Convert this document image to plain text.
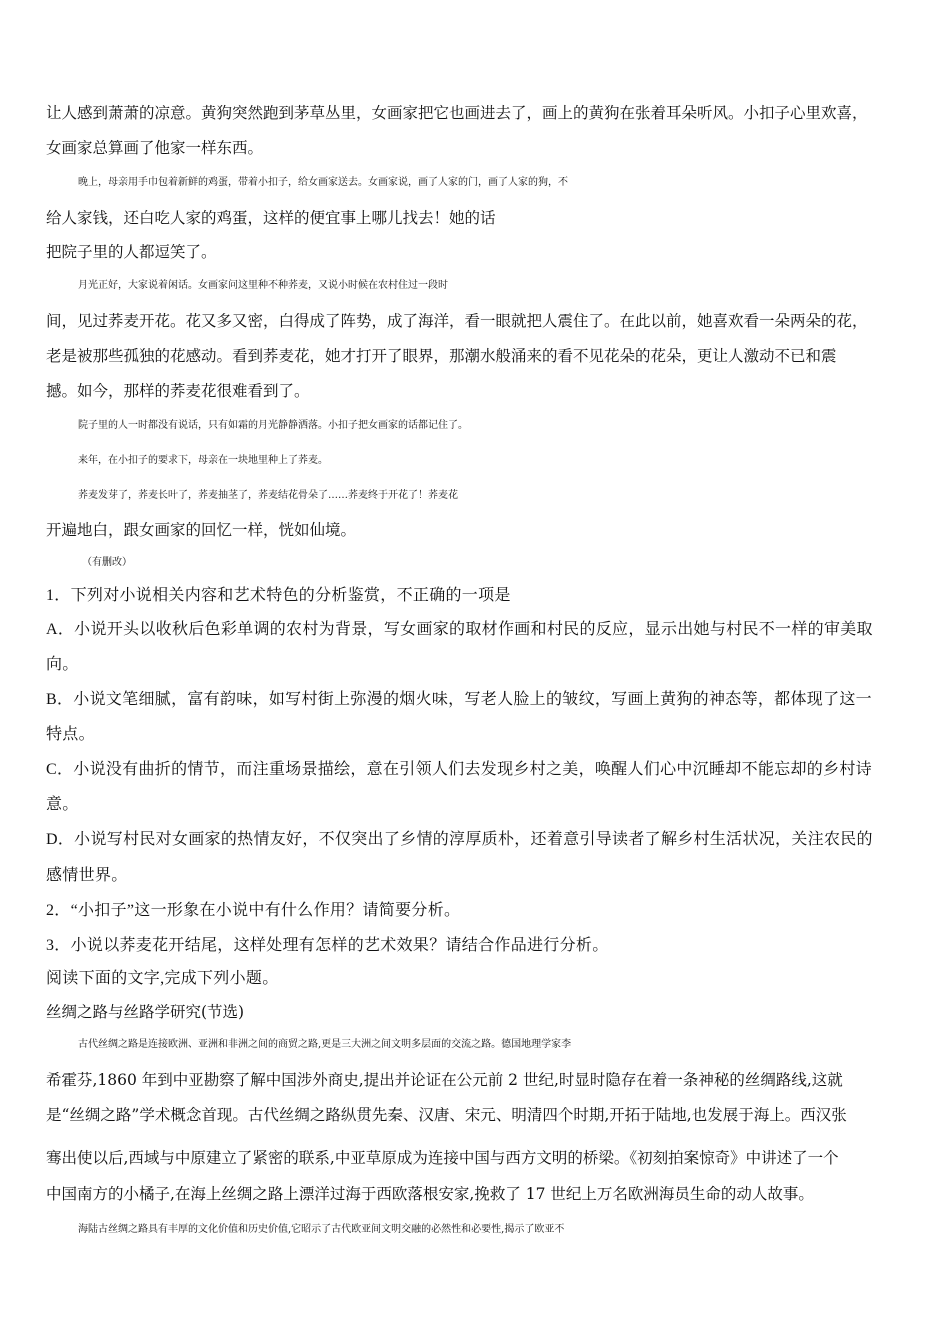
让人感到萧萧的凉意。黄狗突然跑到茅草丛里，女画家把它也画进去了，画上的黄狗在张着耳朵听风。小扣子心里欢喜，

女画家总算画了他家一样东西。

晚上，母亲用手巾包着新鲜的鸡蛋，带着小扣子，给女画家送去。女画家说，画了人家的门，画了人家的狗，不

给人家钱，还白吃人家的鸡蛋，这样的便宜事上哪儿找去！她的话

把院子里的人都逗笑了。

月光正好，大家说着闲话。女画家问这里种不种荞麦，又说小时候在农村住过一段时

间，见过荞麦开花。花又多又密，白得成了阵势，成了海洋，看一眼就把人震住了。在此以前，她喜欢看一朵两朵的花，

老是被那些孤独的花感动。看到荞麦花，她才打开了眼界，那潮水般涌来的看不见花朵的花朵，更让人激动不已和震

撼。如今，那样的荞麦花很难看到了。

院子里的人一时都没有说话，只有如霜的月光静静洒落。小扣子把女画家的话都记住了。

来年，在小扣子的要求下，母亲在一块地里种上了荞麦。

荞麦发芽了，荞麦长叶了，荞麦抽茎了，荞麦结花骨朵了……荞麦终于开花了！荞麦花

开遍地白，跟女画家的回忆一样，恍如仙境。

（有删改）

1．下列对小说相关内容和艺术特色的分析鉴赏，不正确的一项是

A．小说开头以收秋后色彩单调的农村为背景，写女画家的取材作画和村民的反应，显示出她与村民不一样的审美取

向。

B．小说文笔细腻，富有韵味，如写村街上弥漫的烟火味，写老人脸上的皱纹，写画上黄狗的神态等，都体现了这一

特点。

C．小说没有曲折的情节，而注重场景描绘，意在引领人们去发现乡村之美，唤醒人们心中沉睡却不能忘却的乡村诗

意。

D．小说写村民对女画家的热情友好，不仅突出了乡情的淳厚质朴，还着意引导读者了解乡村生活状况，关注农民的

感情世界。

2．“小扣子”这一形象在小说中有什么作用？请简要分析。

3．小说以荞麦花开结尾，这样处理有怎样的艺术效果？请结合作品进行分析。

阅读下面的文字,完成下列小题。

丝绸之路与丝路学研究(节选)

古代丝绸之路是连接欧洲、亚洲和非洲之间的商贸之路,更是三大洲之间文明多层面的交流之路。德国地理学家李

希霍芬,1860 年到中亚勘察了解中国涉外商史,提出并论证在公元前 2 世纪,时显时隐存在着一条神秘的丝绸路线,这就

是“丝绸之路”学术概念首现。古代丝绸之路纵贯先秦、汉唐、宋元、明清四个时期,开拓于陆地,也发展于海上。西汉张

骞出使以后,西域与中原建立了紧密的联系,中亚草原成为连接中国与西方文明的桥梁。《初刻拍案惊奇》中讲述了一个

中国南方的小橘子,在海上丝绸之路上漂洋过海于西欧落根安家,挽救了 17 世纪上万名欧洲海员生命的动人故事。

海陆古丝绸之路具有丰厚的文化价值和历史价值,它昭示了古代欧亚间文明交融的必然性和必要性,揭示了欧亚不
